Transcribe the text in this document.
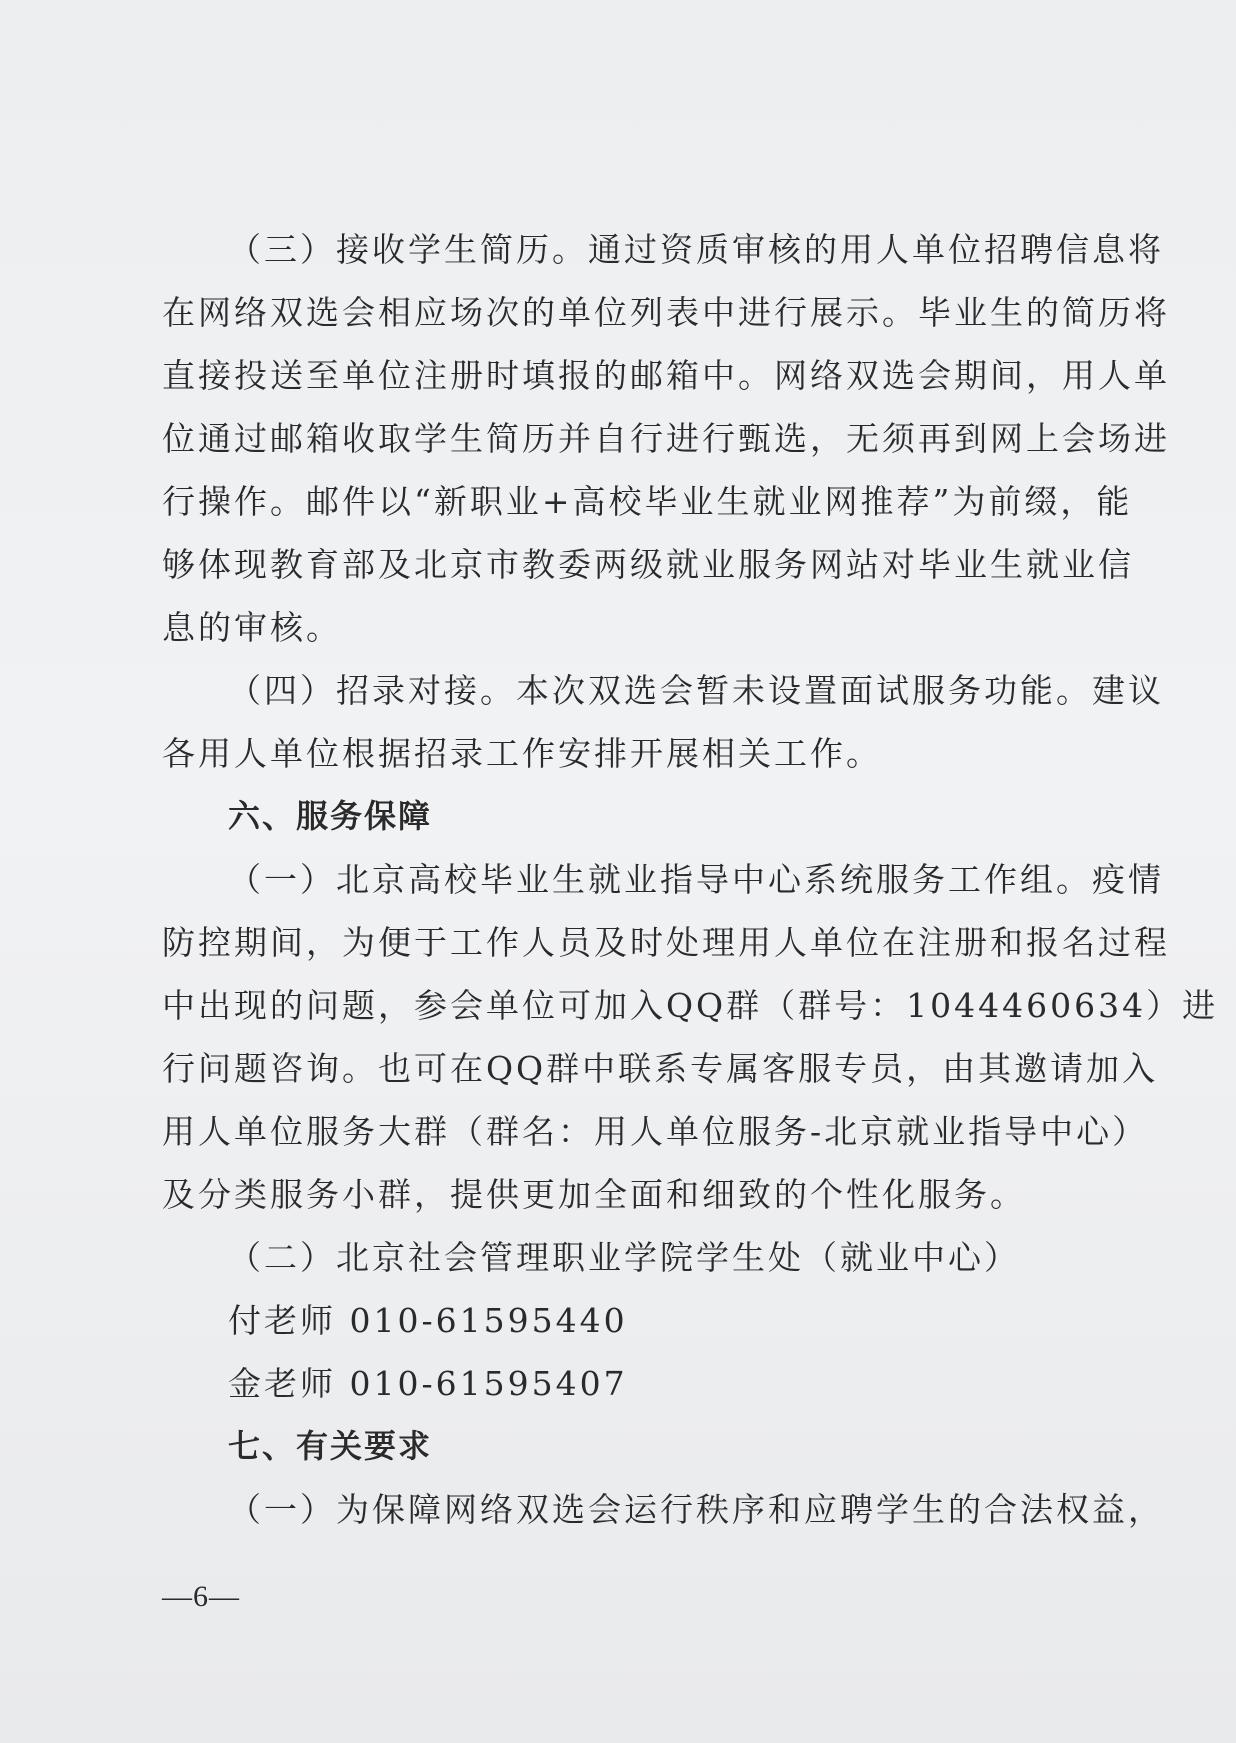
（三）接收学生简历。通过资质审核的用人单位招聘信息将
在网络双选会相应场次的单位列表中进行展示。毕业生的简历将
直接投送至单位注册时填报的邮箱中。网络双选会期间，用人单
位通过邮箱收取学生简历并自行进行甄选，无须再到网上会场进
行操作。邮件以“新职业+高校毕业生就业网推荐”为前缀，能
够体现教育部及北京市教委两级就业服务网站对毕业生就业信
息的审核。
（四）招录对接。本次双选会暂未设置面试服务功能。建议
各用人单位根据招录工作安排开展相关工作。
六、服务保障
（一）北京高校毕业生就业指导中心系统服务工作组。疫情
防控期间，为便于工作人员及时处理用人单位在注册和报名过程
中出现的问题，参会单位可加入QQ群（群号：1044460634）进
行问题咨询。也可在QQ群中联系专属客服专员，由其邀请加入
用人单位服务大群（群名：用人单位服务-北京就业指导中心）
及分类服务小群，提供更加全面和细致的个性化服务。
（二）北京社会管理职业学院学生处（就业中心）
付老师 010-61595440
金老师 010-61595407
七、有关要求
（一）为保障网络双选会运行秩序和应聘学生的合法权益，
—6—
